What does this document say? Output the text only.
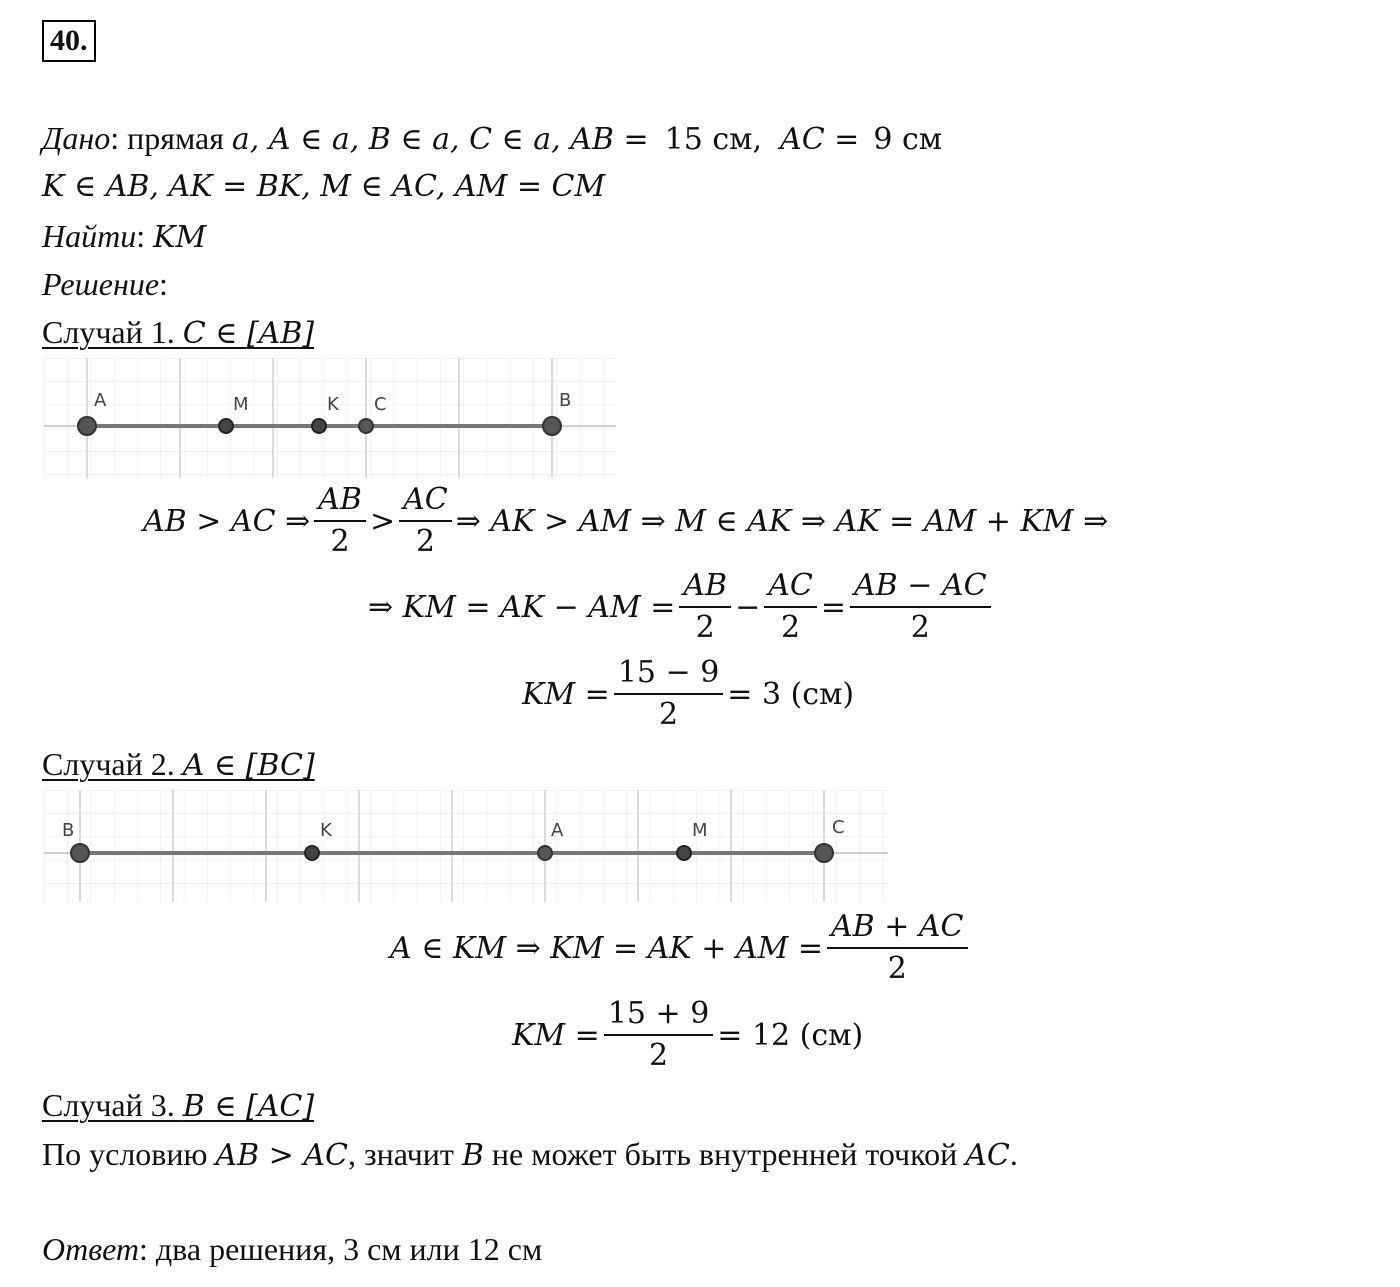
40.
Дано: прямая a, A ∈ a, B ∈ a, C ∈ a, AB = 15 см, AC = 9 см
K ∈ AB, AK = BK, M ∈ AC, AM = CM
Найти: KM
Решение:
Случай 1. C ∈ [AB]
A	M	K C	B
AB > AC ⇒ $\frac{AB}{2} > \frac{AC}{2}$ ⇒ AK > AM ⇒ M ∈ AK ⇒ AK = AM + KM ⇒
⇒ KM = AK − AM = $\frac{AB}{2} - \frac{AC}{2} = \frac{AB - AC}{2}$
KM = $\frac{15 - 9}{2} = 3$ (см)
Случай 2. A ∈ [BC]
B	K	A	M	C
A ∈ KM ⇒ KM = AK + AM = $\frac{AB + AC}{2}$
KM = $\frac{15 + 9}{2} = 12$ (см)
Случай 3. B ∈ [AC]
По условию AB > AC, значит B не может быть внутренней точкой AC.
Ответ: два решения, 3 см или 12 см
